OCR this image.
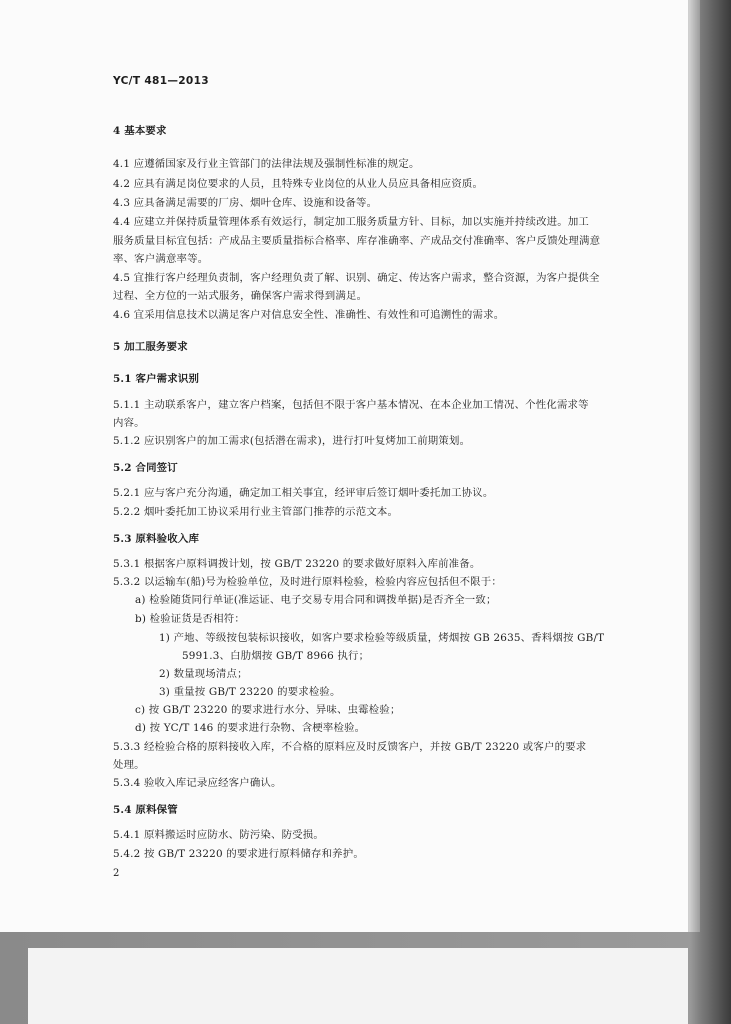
YC/T 481—2013
4 基本要求
4.1 应遵循国家及行业主管部门的法律法规及强制性标准的规定。
4.2 应具有满足岗位要求的人员，且特殊专业岗位的从业人员应具备相应资质。
4.3 应具备满足需要的厂房、烟叶仓库、设施和设备等。
4.4 应建立并保持质量管理体系有效运行，制定加工服务质量方针、目标，加以实施并持续改进。加工
服务质量目标宜包括：产成品主要质量指标合格率、库存准确率、产成品交付准确率、客户反馈处理满意
率、客户满意率等。
4.5 宜推行客户经理负责制，客户经理负责了解、识别、确定、传达客户需求，整合资源，为客户提供全
过程、全方位的一站式服务，确保客户需求得到满足。
4.6 宜采用信息技术以满足客户对信息安全性、准确性、有效性和可追溯性的需求。
5 加工服务要求
5.1 客户需求识别
5.1.1 主动联系客户，建立客户档案，包括但不限于客户基本情况、在本企业加工情况、个性化需求等
内容。
5.1.2 应识别客户的加工需求(包括潜在需求)，进行打叶复烤加工前期策划。
5.2 合同签订
5.2.1 应与客户充分沟通，确定加工相关事宜，经评审后签订烟叶委托加工协议。
5.2.2 烟叶委托加工协议采用行业主管部门推荐的示范文本。
5.3 原料验收入库
5.3.1 根据客户原料调拨计划，按 GB/T 23220 的要求做好原料入库前准备。
5.3.2 以运输车(船)号为检验单位，及时进行原料检验，检验内容应包括但不限于：
a) 检验随货同行单证(准运证、电子交易专用合同和调拨单据)是否齐全一致；
b) 检验证货是否相符：
1) 产地、等级按包装标识接收，如客户要求检验等级质量，烤烟按 GB 2635、香料烟按 GB/T
5991.3、白肋烟按 GB/T 8966 执行；
2) 数量现场清点；
3) 重量按 GB/T 23220 的要求检验。
c) 按 GB/T 23220 的要求进行水分、异味、虫霉检验；
d) 按 YC/T 146 的要求进行杂物、含梗率检验。
5.3.3 经检验合格的原料接收入库，不合格的原料应及时反馈客户，并按 GB/T 23220 或客户的要求
处理。
5.3.4 验收入库记录应经客户确认。
5.4 原料保管
5.4.1 原料搬运时应防水、防污染、防受损。
5.4.2 按 GB/T 23220 的要求进行原料储存和养护。
2
